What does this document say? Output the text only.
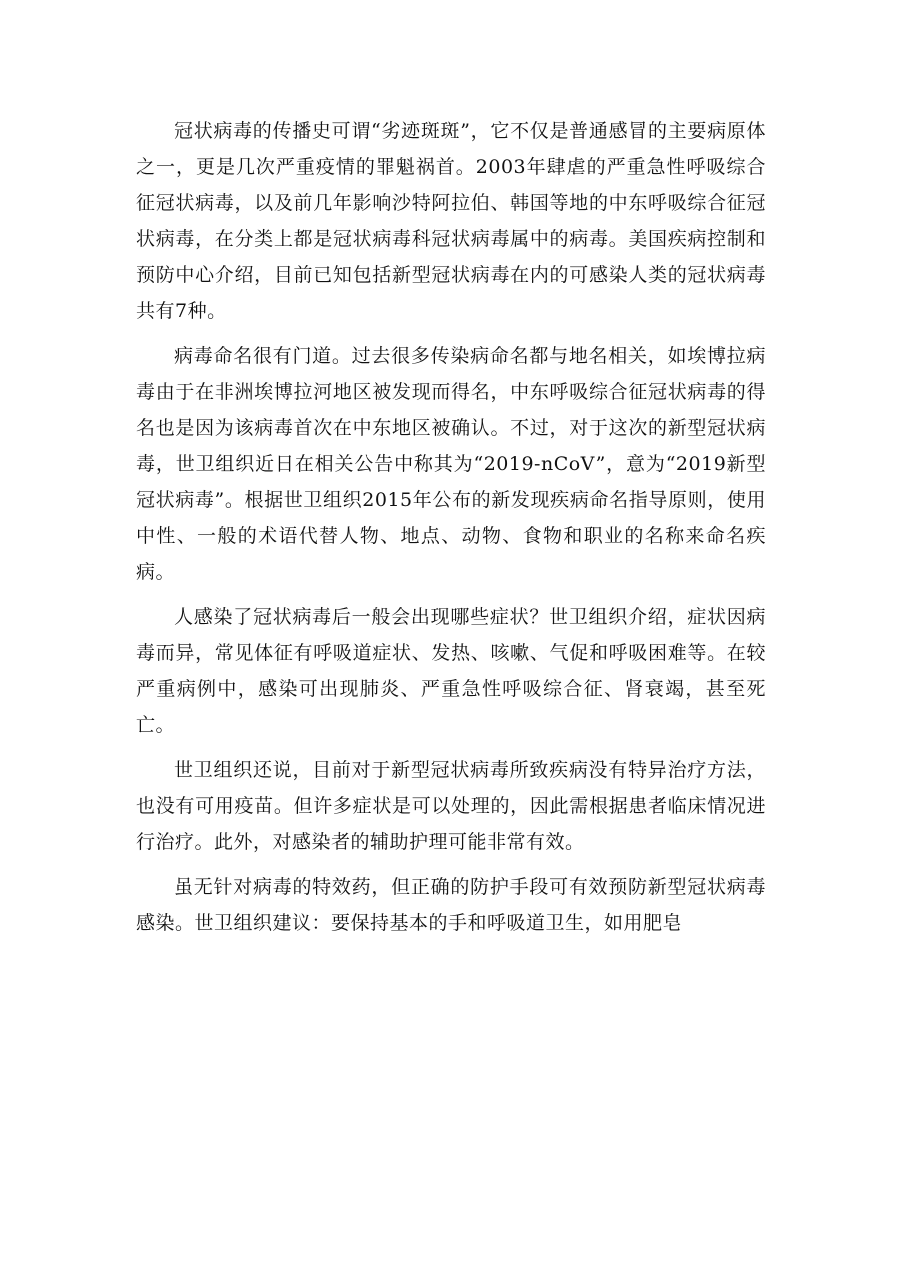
冠状病毒的传播史可谓“劣迹斑斑”，它不仅是普通感冒的主要病原体之一，更是几次严重疫情的罪魁祸首。2003年肆虐的严重急性呼吸综合征冠状病毒，以及前几年影响沙特阿拉伯、韩国等地的中东呼吸综合征冠状病毒，在分类上都是冠状病毒科冠状病毒属中的病毒。美国疾病控制和预防中心介绍，目前已知包括新型冠状病毒在内的可感染人类的冠状病毒共有7种。

病毒命名很有门道。过去很多传染病命名都与地名相关，如埃博拉病毒由于在非洲埃博拉河地区被发现而得名，中东呼吸综合征冠状病毒的得名也是因为该病毒首次在中东地区被确认。不过，对于这次的新型冠状病毒，世卫组织近日在相关公告中称其为“2019-nCoV”，意为“2019新型冠状病毒”。根据世卫组织2015年公布的新发现疾病命名指导原则，使用中性、一般的术语代替人物、地点、动物、食物和职业的名称来命名疾病。

人感染了冠状病毒后一般会出现哪些症状？世卫组织介绍，症状因病毒而异，常见体征有呼吸道症状、发热、咳嗽、气促和呼吸困难等。在较严重病例中，感染可出现肺炎、严重急性呼吸综合征、肾衰竭，甚至死亡。

世卫组织还说，目前对于新型冠状病毒所致疾病没有特异治疗方法，也没有可用疫苗。但许多症状是可以处理的，因此需根据患者临床情况进行治疗。此外，对感染者的辅助护理可能非常有效。

虽无针对病毒的特效药，但正确的防护手段可有效预防新型冠状病毒感染。世卫组织建议：要保持基本的手和呼吸道卫生，如用肥皂
